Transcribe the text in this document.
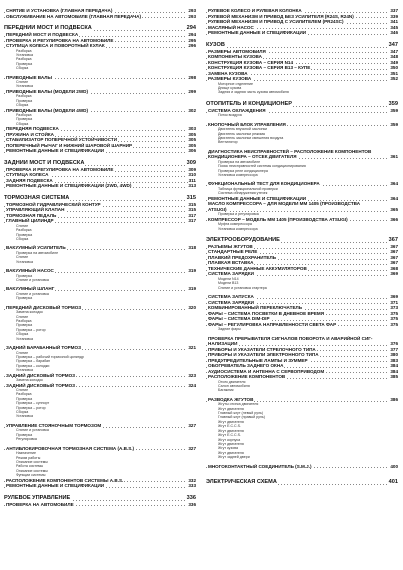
СНЯТИЕ И УСТАНОВКА (ГЛАВНАЯ ПЕРЕДАЧА)	293
ОБСЛУЖИВАНИЕ НА АВТОМОБИЛЕ (ГЛАВНАЯ ПЕРЕДАЧА)	293
ПЕРЕДНИЙ МОСТ И ПОДВЕСКА	294
ПЕРЕДНИЙ МОСТ И ПОДВЕСКА	294
ПРОВЕРКА И РЕГУЛИРОВКА НА АВТОМОБИЛЕ	295
СТУПИЦА КОЛЕСА И ПОВОРОТНЫЙ КУЛАК	296
Разборка
Установка
Разборка
Проверка
Сборка
ПРИВОДНЫЕ ВАЛЫ	298
Снятие
Установка
ПРИВОДНЫЕ ВАЛЫ (МОДЕЛИ 2WD)	299
Разборка
Проверка
Сборка
ПРИВОДНЫЕ ВАЛЫ (МОДЕЛИ 4WD)	302
Разборка
Проверка
Сборка
ПЕРЕДНЯЯ ПОДВЕСКА	303
ПРУЖИНА И СТОЙКА	305
СТАБИЛИЗАТОР ПОПЕРЕЧНОЙ УСТОЙЧИВОСТИ	305
ПОПЕРЕЧНЫЙ РЫЧАГ И НИЖНИЙ ШАРОВОЙ ШАРНИР	305
РЕМОНТНЫЕ ДАННЫЕ И СПЕЦИФИКАЦИИ	306
ЗАДНИЙ МОСТ И ПОДВЕСКА	309
ПРОВЕРКА И РЕГУЛИРОВКА НА АВТОМОБИЛЕ	309
СТУПИЦА КОЛЕСА	310
ЗАДНЯЯ ПОДВЕСКА	311
РЕМОНТНЫЕ ДАННЫЕ И СПЕЦИФИКАЦИИ (2WD, 4WD)	313
ТОРМОЗНАЯ СИСТЕМА	315
ТОРМОЗНОЙ ГИДРАВЛИЧЕСКИЙ КОНТУР	315
УПРАВЛЯЮЩИЙ КЛАПАН	315
ТОРМОЗНАЯ ПЕДАЛЬ	317
ГЛАВНЫЙ ЦИЛИНДР	317
Снятие
Разборка
Проверка
Сборка
ВАКУУМНЫЙ УСИЛИТЕЛЬ	318
Проверка на автомобиле
Снятие
Установка
ВАКУУМНЫЙ НАСОС	319
Проверка
Снятие и установка
ВАКУУМНЫЙ ШЛАНГ	319
Снятие и установка
Проверка
ПЕРЕДНИЙ ДИСКОВЫЙ ТОРМОЗ	320
Замена колодок
Снятие
Разборка
Проверка
Проверка – ротор
Сборка
Установка
ЗАДНИЙ БАРАБАННЫЙ ТОРМОЗ	321
Снятие
Проверка – рабочий тормозной цилиндр
Проверка – барабан
Проверка – колодки
Установка
ЗАДНИЙ ДИСКОВЫЙ ТОРМОЗ	323
Замена колодок
ЗАДНИЙ ДИСКОВЫЙ ТОРМОЗ	324
Снятие
Разборка
Проверка
Проверка – суппорт
Проверка – ротор
Сборка
Установка
УПРАВЛЕНИЕ СТОЯНОЧНЫМ ТОРМОЗОМ	327
Снятие и установка
Проверка
Регулировка
АНТИБЛОКИРОВОЧНАЯ ТОРМОЗНАЯ СИСТЕМА (A.B.S.)	327
Назначение
Режим работы
Описание системы
Работа системы
Описание системы
Функции системы
РАСПОЛОЖЕНИЕ КОМПОНЕНТОВ СИСТЕМЫ A.B.S.	332
РЕМОНТНЫЕ ДАННЫЕ И СПЕЦИФИКАЦИИ	333
РУЛЕВОЕ УПРАВЛЕНИЕ	336
ПРОВЕРКА НА АВТОМОБИЛЕ	336
РУЛЕВОЕ КОЛЕСО И РУЛЕВАЯ КОЛОНКА	337
РУЛЕВОЙ МЕХАНИЗМ И ПРИВОД БЕЗ УСИЛИТЕЛЯ (R24S, R24N)	339
РУЛЕВОЙ МЕХАНИЗМ И ПРИВОД С УСИЛИТЕЛЕМ (PR24SC)	341
МАСЛЯНЫЙ НАСОС	345
РЕМОНТНЫЕ ДАННЫЕ И СПЕЦИФИКАЦИИ	346
КУЗОВ	347
РАЗМЕРЫ АВТОМОБИЛЯ	347
КОМПОНЕНТЫ КУЗОВА	348
КОНСТРУКЦИЯ КУЗОВА – СЕРИЯ N14	349
КОНСТРУКЦИЯ КУЗОВА – СЕРИЯ B13 – КУПЕ	350
ЗАМЕНА КУЗОВА	351
РАЗМЕРЫ КУЗОВА	352
Моторное отделение
Днище кузова
Задняя и задняя часть кузова автомобиля
ОТОПИТЕЛЬ И КОНДИЦИОНЕР	359
СИСТЕМА ОХЛАЖДЕНИЯ	359
Поток воздуха
КНОПОЧНЫЙ БЛОК УПРАВЛЕНИЯ	359
Двигатель впускной заслонки
Двигатель заслонки режима
Двигатель заслонки смешения воздуха
Вентилятор
ДИАГНОСТИКА НЕИСПРАВНОСТЕЙ – РАСПОЛОЖЕНИЕ КОМПОНЕНТОВ
КОНДИЦИОНЕРА – ОТСЕК ДВИГАТЕЛЯ	361
Проверка на автомобиле
Поиск неисправностей системы кондиционирования
Проверка реле кондиционера
Установка компрессора
ФУНКЦИОНАЛЬНЫЙ ТЕСТ ДЛЯ КОНДИЦИОНЕРА	364
Таблица функциональной проверки
Система обнаружения утечек
РЕМОНТНЫЕ ДАННЫЕ И СПЕЦИФИКАЦИИ	364
МАСЛО КОМПРЕССОРА – ДЛЯ МОДЕЛИ ММ 1405 (ПРОИЗВОДСТВА
ATSUGI)	365
Проверка и регулировка
КОМПРЕССОР – МОДЕЛЬ ММ 1405 (ПРОИЗВОДСТВА ATSUGI)	366
Муфта компрессора
Установка компрессора
ЭЛЕКТРООБОРУДОВАНИЕ	367
РАЗЪЕМЫ ЖГУТОВ	367
СТАНДАРТНЫЕ РЕЛЕ	367
ПЛАВКИЙ ПРЕДОХРАНИТЕЛЬ	367
ПЛАВКАЯ ВСТАВКА	367
ТЕХНИЧЕСКИЕ ДАННЫЕ АККУМУЛЯТОРОВ	368
СИСТЕМА ЗАРЯДКИ	369
Модели N14
Модели B13
Снятие и установка стартера
СИСТЕМА ЗАПУСКА	369
СИСТЕМА ЗАРЯДКИ	371
КОМБИНИРОВАННЫЙ ПЕРЕКЛЮЧАТЕЛЬ	373
ФАРЫ – СИСТЕМА ПОСВЕТКИ В ДНЕВНОЕ ВРЕМЯ	375
ФАРЫ – СИСТЕМА DIM-DIP	375
ФАРЫ – РЕГУЛИРОВКА НАПРАВЛЕННОСТИ СВЕТА ФАР	375
Задние фары
ПРОВЕРКА ПРЕРЫВАТЕЛЯ СИГНАЛОВ ПОВОРОТА И АВАРИЙНОЙ СИГ-
НАЛИЗАЦИИ	376
ПРИБОРЫ И УКАЗАТЕЛИ СТРЕЛОЧНОГО ТИПА	377
ПРИБОРЫ И УКАЗАТЕЛИ ЭЛЕКТРОННОГО ТИПА	380
ПРЕДУПРЕДИТЕЛЬНЫЕ ЛАМПЫ И ЗУММЕР	383
ОБОГРЕВАТЕЛЬ ЗАДНЕГО ОКНА	384
АУДИОСИСТЕМА И АНТЕННА С СЕРВОПРИВОДОМ	384
РАСПОЛОЖЕНИЕ КОМПОНЕНТОВ	385
Отсек двигателя
Салон автомобиля
Багажник
РАЗВОДКА ЖГУТОВ	386
Жгуты отсека двигателя
Жгут двигателя
Главный жгут (левый руль)
Главный жгут (правый руль)
Жгут двигателя
Жгут E.C.C.S.
Жгут двигателя
Жгут E.C.C.S.
Жгут корпуса
Жгут двигателя
Жгут кузова
Жгут двигателя
Жгут задней двери
МНОГОКОНТАКТНЫЙ СОЕДИНИТЕЛЬ (S.M.J.)	400
ЭЛЕКТРИЧЕСКАЯ СХЕМА	401
